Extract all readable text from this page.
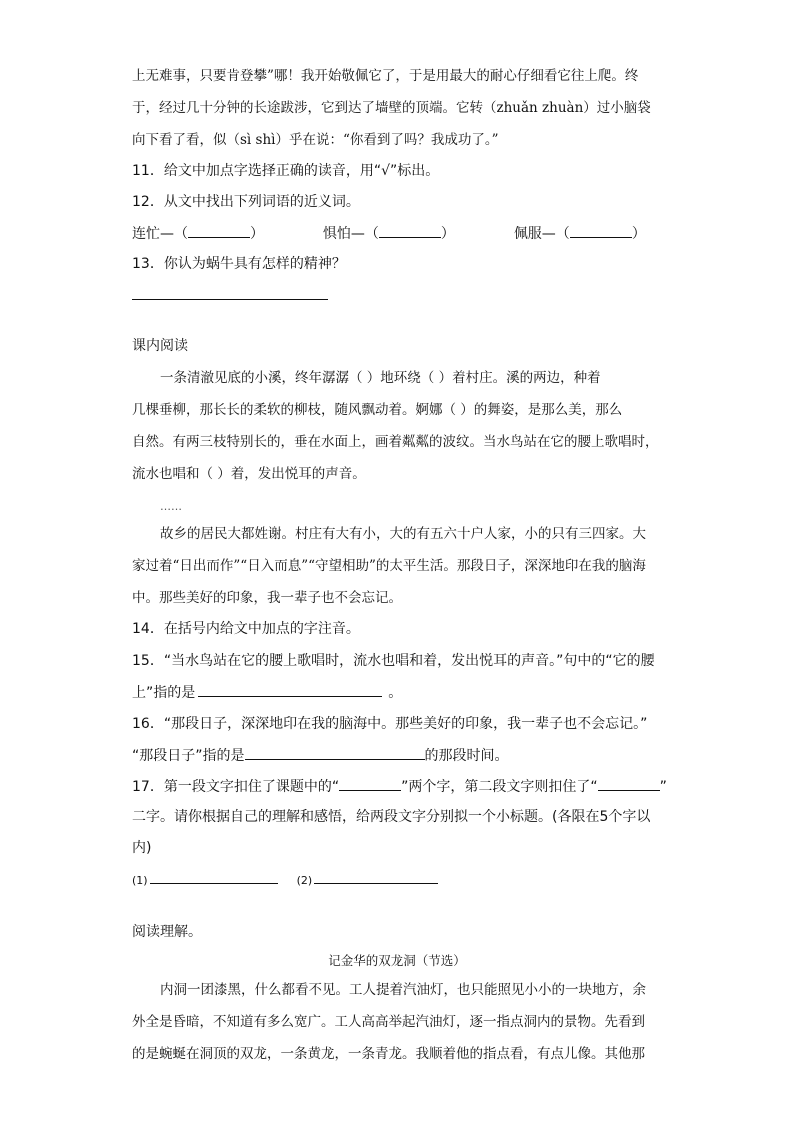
上无难事，只要肯登攀”哪！我开始敬佩它了，于是用最大的耐心仔细看它往上爬。终
于，经过几十分钟的长途跋涉，它到达了墙壁的顶端。它转（zhuǎn zhuàn）过小脑袋
向下看了看，似（sì shì）乎在说：“你看到了吗？我成功了。”
11．给文中加点字选择正确的读音，用“√”标出。
12．从文中找出下列词语的近义词。
连忙—（	）	惧怕—（	）	佩服—（	）
13．你认为蜗牛具有怎样的精神？
课内阅读
一条清澈见底的小溪，终年潺潺（ ）地环绕（ ）着村庄。溪的两边，种着
几棵垂柳，那长长的柔软的柳枝，随风飘动着。婀娜（ ）的舞姿，是那么美，那么
自然。有两三枝特别长的，垂在水面上，画着粼粼的波纹。当水鸟站在它的腰上歌唱时，
流水也唱和（ ）着，发出悦耳的声音。
……
故乡的居民大都姓谢。村庄有大有小，大的有五六十户人家，小的只有三四家。大
家过着“日出而作”“日入而息”“守望相助”的太平生活。那段日子，深深地印在我的脑海
中。那些美好的印象，我一辈子也不会忘记。
14．在括号内给文中加点的字注音。
15．“当水鸟站在它的腰上歌唱时，流水也唱和着，发出悦耳的声音。”句中的“它的腰
上”指的是	。
16．“那段日子，深深地印在我的脑海中。那些美好的印象，我一辈子也不会忘记。”
“那段日子”指的是	的那段时间。
17．第一段文字扣住了课题中的“	”两个字，第二段文字则扣住了“	”
二字。请你根据自己的理解和感悟，给两段文字分别拟一个小标题。(各限在5个字以
内)
(1)	(2)
阅读理解。
记金华的双龙洞（节选）
内洞一团漆黑，什么都看不见。工人提着汽油灯，也只能照见小小的一块地方，余
外全是昏暗，不知道有多么宽广。工人高高举起汽油灯，逐一指点洞内的景物。先看到
的是蜿蜒在洞顶的双龙，一条黄龙，一条青龙。我顺着他的指点看，有点儿像。其他那
